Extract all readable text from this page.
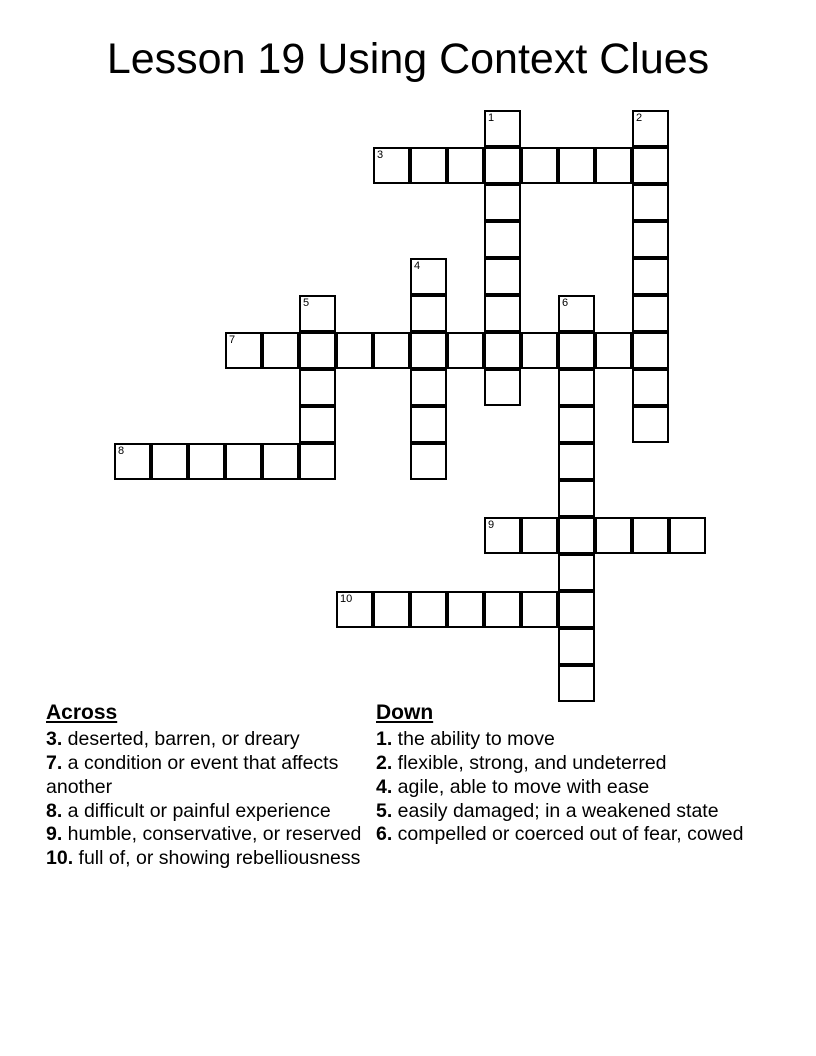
Lesson 19 Using Context Clues
1	2
3
4
5	6
7
8
9
10
Across
3. deserted, barren, or dreary
7. a condition or event that affects another
8. a difficult or painful experience
9. humble, conservative, or reserved
10. full of, or showing rebelliousness
Down
1. the ability to move
2. flexible, strong, and undeterred
4. agile, able to move with ease
5. easily damaged; in a weakened state
6. compelled or coerced out of fear, cowed
